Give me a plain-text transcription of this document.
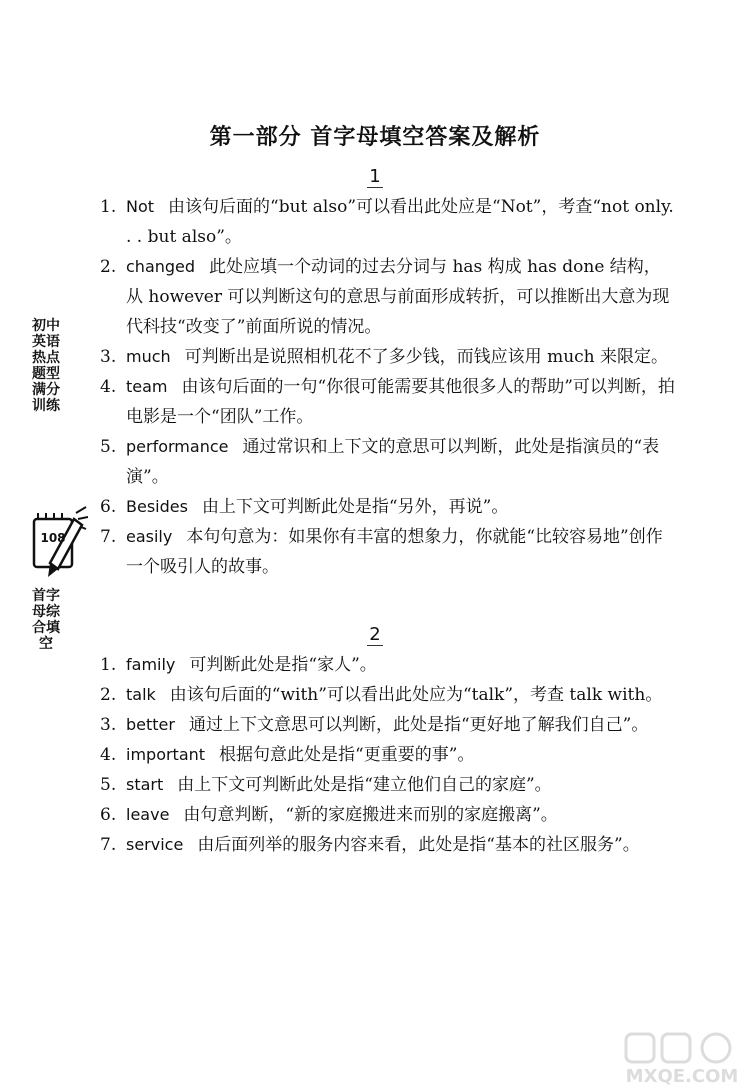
第一部分 首字母填空答案及解析
初中英语热点题型满分训练
108
首字母综合填空
1
1. Not 由该句后面的“but also”可以看出此处应是“Not”，考查“not only. . . but also”。
2. changed 此处应填一个动词的过去分词与 has 构成 has done 结构，从 however 可以判断这句的意思与前面形成转折，可以推断出大意为现代科技“改变了”前面所说的情况。
3. much 可判断出是说照相机花不了多少钱，而钱应该用 much 来限定。
4. team 由该句后面的一句“你很可能需要其他很多人的帮助”可以判断，拍电影是一个“团队”工作。
5. performance 通过常识和上下文的意思可以判断，此处是指演员的“表演”。
6. Besides 由上下文可判断此处是指“另外，再说”。
7. easily 本句句意为：如果你有丰富的想象力，你就能“比较容易地”创作一个吸引人的故事。
2
1. family 可判断此处是指“家人”。
2. talk 由该句后面的“with”可以看出此处应为“talk”，考查 talk with。
3. better 通过上下文意思可以判断，此处是指“更好地了解我们自己”。
4. important 根据句意此处是指“更重要的事”。
5. start 由上下文可判断此处是指“建立他们自己的家庭”。
6. leave 由句意判断，“新的家庭搬进来而别的家庭搬离”。
7. service 由后面列举的服务内容来看，此处是指“基本的社区服务”。
MXQE.COM
